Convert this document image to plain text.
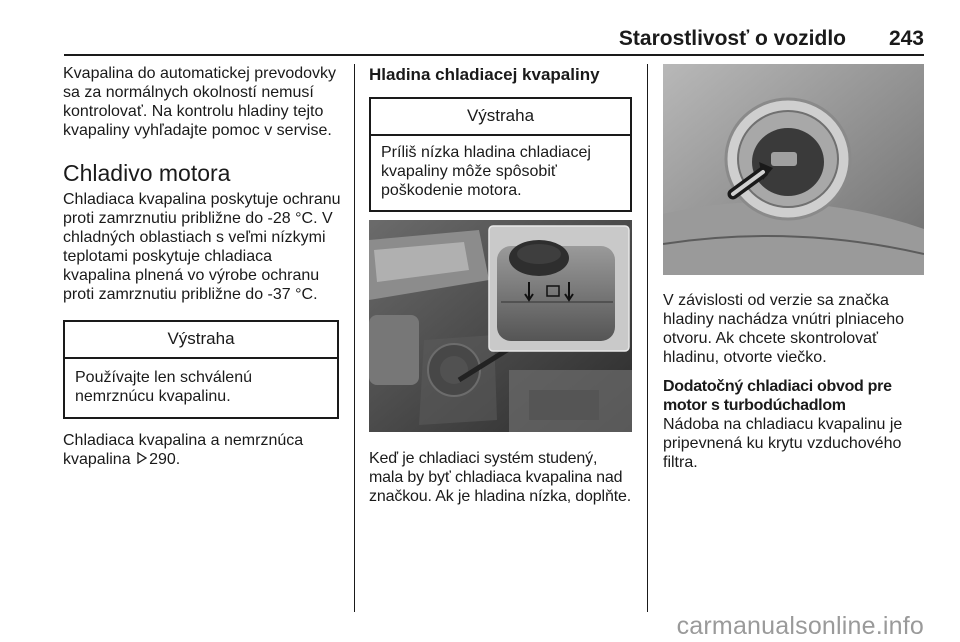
Starostlivosť o vozidlo	243

Kvapalina do automatickej prevodovky sa za normálnych okolností nemusí kontrolovať. Na kontrolu hladiny tejto kvapaliny vyhľadajte pomoc v servise.

Chladivo motora

Chladiaca kvapalina poskytuje ochranu proti zamrznutiu približne do -28 °C. V chladných oblastiach s veľmi nízkymi teplotami poskytuje chladiaca kvapalina plnená vo výrobe ochranu proti zamrznutiu približne do -37 °C.

Výstraha
Používajte len schválenú nemrznúcu kvapalinu.

Chladiaca kvapalina a nemrznúca kvapalina 290.

Hladina chladiacej kvapaliny
Výstraha
Príliš nízka hladina chladiacej kvapaliny môže spôsobiť poškodenie motora.

Keď je chladiaci systém studený, mala by byť chladiaca kvapalina nad značkou. Ak je hladina nízka, doplňte.

V závislosti od verzie sa značka hladiny nachádza vnútri plniaceho otvoru. Ak chcete skontrolovať hladinu, otvorte viečko.

Dodatočný chladiaci obvod pre motor s turbodúchadlom

Nádoba na chladiacu kvapalinu je pripevnená ku krytu vzduchového filtra.

carmanualsonline.info
